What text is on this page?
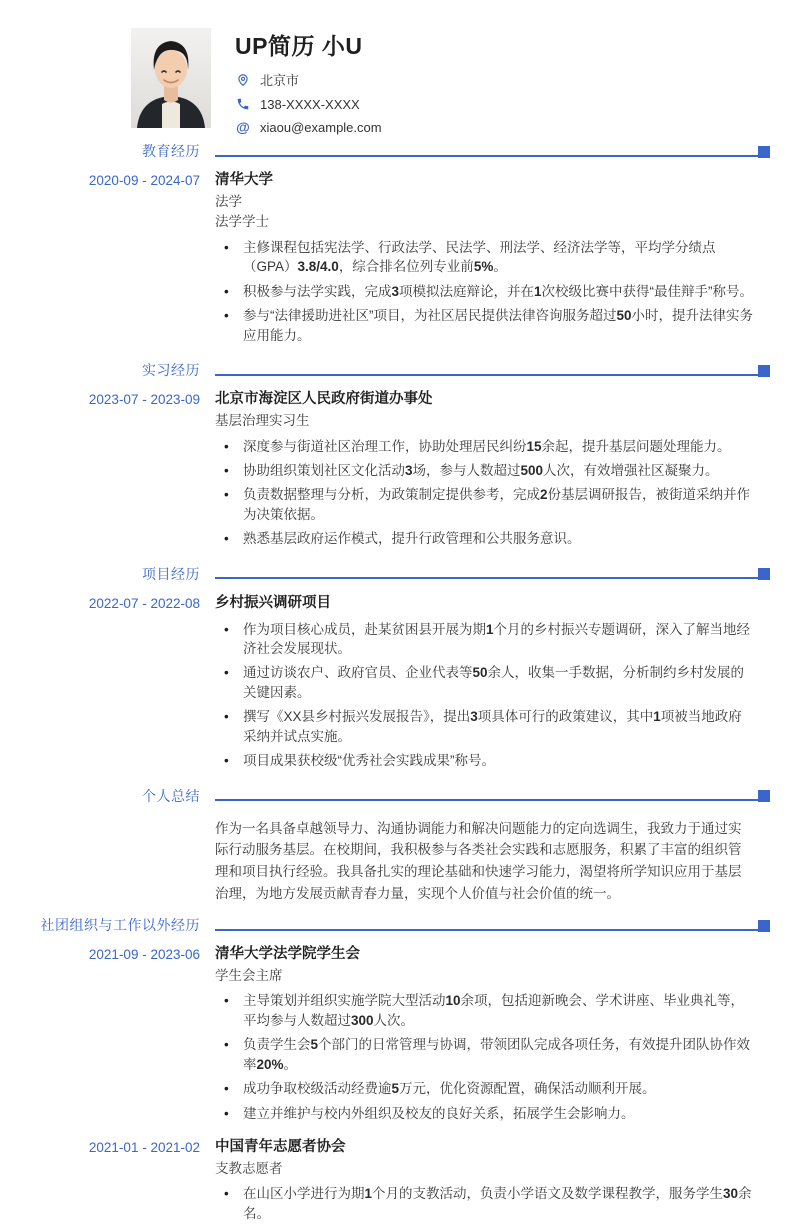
UP简历 小U
北京市
138-XXXX-XXXX
@ xiaou@example.com
教育经历
2020-09 - 2024-07 清华大学
法学
法学学士
• 主修课程包括宪法学、行政法学、民法学、刑法学、经济法学等，平均学分绩点（GPA）3.8/4.0，综合排名位列专业前5%。
• 积极参与法学实践，完成3项模拟法庭辩论，并在1次校级比赛中获得“最佳辩手”称号。
• 参与“法律援助进社区”项目，为社区居民提供法律咨询服务超过50小时，提升法律实务应用能力。
实习经历
2023-07 - 2023-09 北京市海淀区人民政府街道办事处
基层治理实习生
• 深度参与街道社区治理工作，协助处理居民纠纷15余起，提升基层问题处理能力。
• 协助组织策划社区文化活动3场，参与人数超过500人次，有效增强社区凝聚力。
• 负责数据整理与分析，为政策制定提供参考，完成2份基层调研报告，被街道采纳并作为决策依据。
• 熟悉基层政府运作模式，提升行政管理和公共服务意识。
项目经历
2022-07 - 2022-08 乡村振兴调研项目
• 作为项目核心成员，赴某贫困县开展为期1个月的乡村振兴专题调研，深入了解当地经济社会发展现状。
• 通过访谈农户、政府官员、企业代表等50余人，收集一手数据，分析制约乡村发展的关键因素。
• 撰写《XX县乡村振兴发展报告》，提出3项具体可行的政策建议，其中1项被当地政府采纳并试点实施。
• 项目成果获校级“优秀社会实践成果”称号。
个人总结

作为一名具备卓越领导力、沟通协调能力和解决问题能力的定向选调生，我致力于通过实际行动服务基层。在校期间，我积极参与各类社会实践和志愿服务，积累了丰富的组织管理和项目执行经验。我具备扎实的理论基础和快速学习能力，渴望将所学知识应用于基层治理，为地方发展贡献青春力量，实现个人价值与社会价值的统一。

社团组织与工作以外经历
2021-09 - 2023-06 清华大学法学院学生会
学生会主席
• 主导策划并组织实施学院大型活动10余项，包括迎新晚会、学术讲座、毕业典礼等，平均参与人数超过300人次。
• 负责学生会5个部门的日常管理与协调，带领团队完成各项任务，有效提升团队协作效率20%。
• 成功争取校级活动经费逾5万元，优化资源配置，确保活动顺利开展。
• 建立并维护与校内外组织及校友的良好关系，拓展学生会影响力。
2021-01 - 2021-02 中国青年志愿者协会
支教志愿者
• 在山区小学进行为期1个月的支教活动，负责小学语文及数学课程教学，服务学生30余名。
